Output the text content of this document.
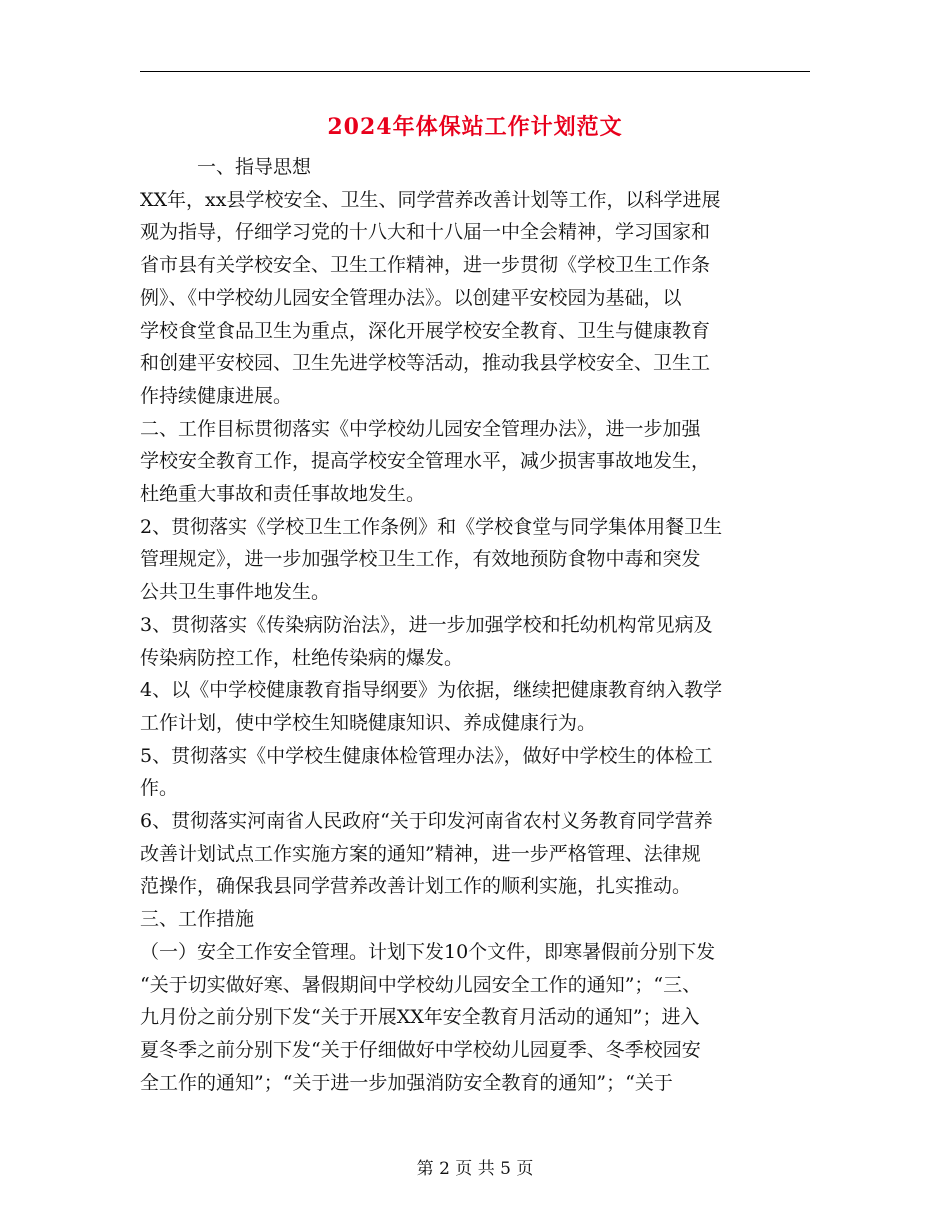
2024年体保站工作计划范文

　　　一、指导思想

XX年，xx县学校安全、卫生、同学营养改善计划等工作，以科学进展

观为指导，仔细学习党的十八大和十八届一中全会精神，学习国家和

省市县有关学校安全、卫生工作精神，进一步贯彻《学校卫生工作条

例》、《中学校幼儿园安全管理办法》。以创建平安校园为基础，以

学校食堂食品卫生为重点，深化开展学校安全教育、卫生与健康教育

和创建平安校园、卫生先进学校等活动，推动我县学校安全、卫生工

作持续健康进展。

二、工作目标贯彻落实《中学校幼儿园安全管理办法》，进一步加强

学校安全教育工作，提高学校安全管理水平，减少损害事故地发生，

杜绝重大事故和责任事故地发生。

2、贯彻落实《学校卫生工作条例》和《学校食堂与同学集体用餐卫生

管理规定》，进一步加强学校卫生工作，有效地预防食物中毒和突发

公共卫生事件地发生。

3、贯彻落实《传染病防治法》，进一步加强学校和托幼机构常见病及

传染病防控工作，杜绝传染病的爆发。

4、以《中学校健康教育指导纲要》为依据，继续把健康教育纳入教学

工作计划，使中学校生知晓健康知识、养成健康行为。

5、贯彻落实《中学校生健康体检管理办法》，做好中学校生的体检工

作。

6、贯彻落实河南省人民政府“关于印发河南省农村义务教育同学营养

改善计划试点工作实施方案的通知”精神，进一步严格管理、法律规

范操作，确保我县同学营养改善计划工作的顺利实施，扎实推动。

三、工作措施

（一）安全工作安全管理。计划下发10个文件，即寒暑假前分别下发

“关于切实做好寒、暑假期间中学校幼儿园安全工作的通知”；“三、

九月份之前分别下发“关于开展XX年安全教育月活动的通知”；进入

夏冬季之前分别下发“关于仔细做好中学校幼儿园夏季、冬季校园安

全工作的通知”；“关于进一步加强消防安全教育的通知”；“关于

第 2 页 共 5 页
